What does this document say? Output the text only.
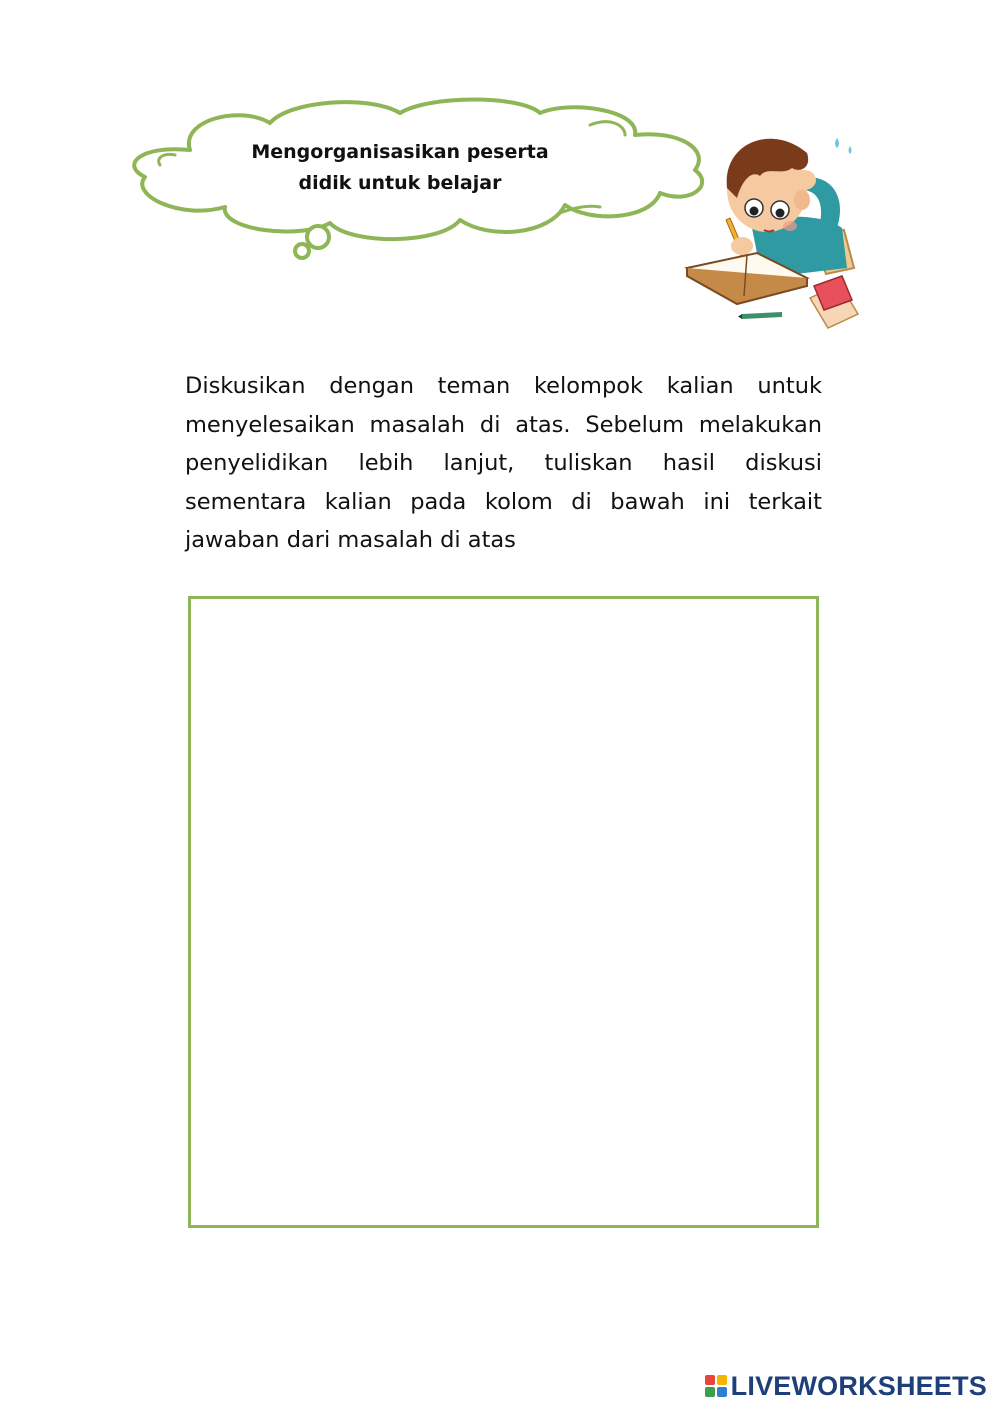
Mengorganisasikan peserta
didik untuk belajar
Diskusikan dengan teman kelompok kalian untuk menyelesaikan masalah di atas. Sebelum melakukan penyelidikan lebih lanjut, tuliskan hasil diskusi sementara kalian pada kolom di bawah ini terkait jawaban dari masalah di atas
LIVEWORKSHEETS
